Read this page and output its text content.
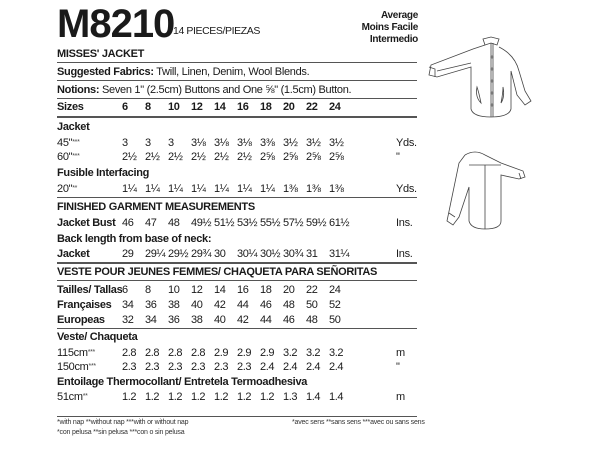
M8210
14 PIECES/PIEZAS
Average
Moins Facile
Intermedio
MISSES' JACKET
Suggested Fabrics: Twill, Linen, Denim, Wool Blends.
Notions: Seven 1" (2.5cm) Buttons and One ⅝" (1.5cm) Button.
Sizes	6 8 10 12 14 16 18 20 22 24
Jacket
45"***	3 3 3 3⅛ 3⅛ 3⅛ 3⅜ 3½ 3½ 3½	Yds.
60"***	2½ 2½ 2½ 2½ 2½ 2½ 2⅝ 2⅝ 2⅝ 2⅝	"
Fusible Interfacing
20"**	1¼ 1¼ 1¼ 1¼ 1¼ 1¼ 1¼ 1⅜ 1⅜ 1⅜	Yds.
FINISHED GARMENT MEASUREMENTS
Jacket Bust 46 47 48 49½ 51½ 53½ 55½ 57½ 59½ 61½	Ins.
Back length from base of neck:
Jacket	29 29¼ 29½ 29¾ 30 30¼ 30½ 30¾ 31 31¼	Ins.
VESTE POUR JEUNES FEMMES/ CHAQUETA PARA SEÑORITAS
Tailles/ Tallas 6 8 10 12 14 16 18 20 22 24
Françaises 34 36 38 40 42 44 46 48 50 52
Europeas 32 34 36 38 40 42 44 46 48 50
Veste/ Chaqueta
115cm*** 2.8 2.8 2.8 2.8 2.9 2.9 2.9 3.2 3.2 3.2	m
150cm*** 2.3 2.3 2.3 2.3 2.3 2.3 2.4 2.4 2.4 2.4	"
Entoilage Thermocollant/ Entretela Termoadhesiva
51cm**	1.2 1.2 1.2 1.2 1.2 1.2 1.2 1.3 1.4 1.4	m
*with nap **without nap ***with or without nap
*con pelusa **sin pelusa ***con o sin pelusa
*avec sens **sans sens ***avec ou sans sens
